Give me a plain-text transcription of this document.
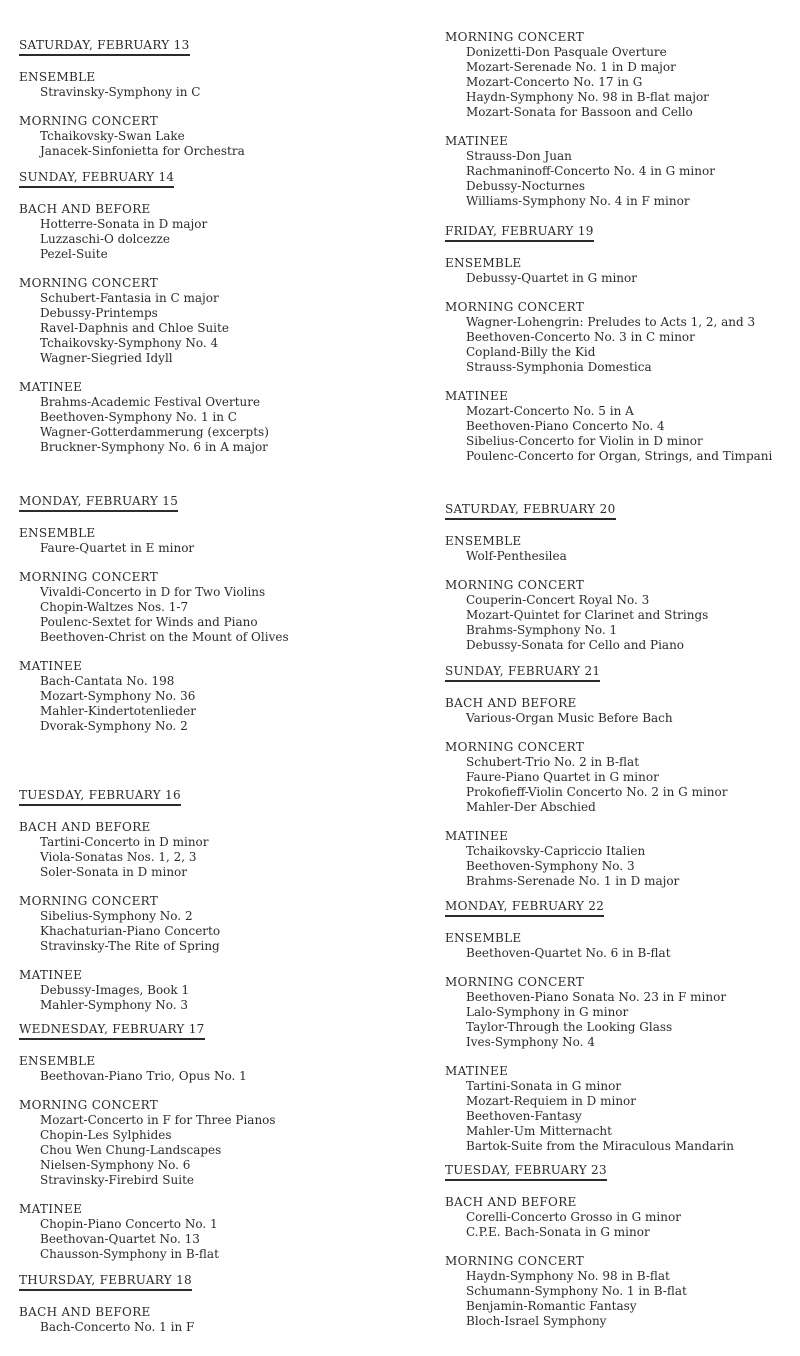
SATURDAY, FEBRUARY 13
ENSEMBLE
Stravinsky-Symphony in C
MORNING CONCERT
Tchaikovsky-Swan Lake
Janacek-Sinfonietta for Orchestra
SUNDAY, FEBRUARY 14
BACH AND BEFORE
Hotterre-Sonata in D major
Luzzaschi-O dolcezze
Pezel-Suite
MORNING CONCERT
Schubert-Fantasia in C major
Debussy-Printemps
Ravel-Daphnis and Chloe Suite
Tchaikovsky-Symphony No. 4
Wagner-Siegried Idyll
MATINEE
Brahms-Academic Festival Overture
Beethoven-Symphony No. 1 in C
Wagner-Gotterdammerung (excerpts)
Bruckner-Symphony No. 6 in A major
MONDAY, FEBRUARY 15
ENSEMBLE
Faure-Quartet in E minor
MORNING CONCERT
Vivaldi-Concerto in D for Two Violins
Chopin-Waltzes Nos. 1-7
Poulenc-Sextet for Winds and Piano
Beethoven-Christ on the Mount of Olives
MATINEE
Bach-Cantata No. 198
Mozart-Symphony No. 36
Mahler-Kindertotenlieder
Dvorak-Symphony No. 2
TUESDAY, FEBRUARY 16
BACH AND BEFORE
Tartini-Concerto in D minor
Viola-Sonatas Nos. 1, 2, 3
Soler-Sonata in D minor
MORNING CONCERT
Sibelius-Symphony No. 2
Khachaturian-Piano Concerto
Stravinsky-The Rite of Spring
MATINEE
Debussy-Images, Book 1
Mahler-Symphony No. 3
WEDNESDAY, FEBRUARY 17
ENSEMBLE
Beethovan-Piano Trio, Opus No. 1
MORNING CONCERT
Mozart-Concerto in F for Three Pianos
Chopin-Les Sylphides
Chou Wen Chung-Landscapes
Nielsen-Symphony No. 6
Stravinsky-Firebird Suite
MATINEE
Chopin-Piano Concerto No. 1
Beethovan-Quartet No. 13
Chausson-Symphony in B-flat
THURSDAY, FEBRUARY 18
BACH AND BEFORE
Bach-Concerto No. 1 in F
MORNING CONCERT
Donizetti-Don Pasquale Overture
Mozart-Serenade No. 1 in D major
Mozart-Concerto No. 17 in G
Haydn-Symphony No. 98 in B-flat major
Mozart-Sonata for Bassoon and Cello
MATINEE
Strauss-Don Juan
Rachmaninoff-Concerto No. 4 in G minor
Debussy-Nocturnes
Williams-Symphony No. 4 in F minor
FRIDAY, FEBRUARY 19
ENSEMBLE
Debussy-Quartet in G minor
MORNING CONCERT
Wagner-Lohengrin: Preludes to Acts 1, 2, and 3
Beethoven-Concerto No. 3 in C minor
Copland-Billy the Kid
Strauss-Symphonia Domestica
MATINEE
Mozart-Concerto No. 5 in A
Beethoven-Piano Concerto No. 4
Sibelius-Concerto for Violin in D minor
Poulenc-Concerto for Organ, Strings, and Timpani
SATURDAY, FEBRUARY 20
ENSEMBLE
Wolf-Penthesilea
MORNING CONCERT
Couperin-Concert Royal No. 3
Mozart-Quintet for Clarinet and Strings
Brahms-Symphony No. 1
Debussy-Sonata for Cello and Piano
SUNDAY, FEBRUARY 21
BACH AND BEFORE
Various-Organ Music Before Bach
MORNING CONCERT
Schubert-Trio No. 2 in B-flat
Faure-Piano Quartet in G minor
Prokofieff-Violin Concerto No. 2 in G minor
Mahler-Der Abschied
MATINEE
Tchaikovsky-Capriccio Italien
Beethoven-Symphony No. 3
Brahms-Serenade No. 1 in D major
MONDAY, FEBRUARY 22
ENSEMBLE
Beethoven-Quartet No. 6 in B-flat
MORNING CONCERT
Beethoven-Piano Sonata No. 23 in F minor
Lalo-Symphony in G minor
Taylor-Through the Looking Glass
Ives-Symphony No. 4
MATINEE
Tartini-Sonata in G minor
Mozart-Requiem in D minor
Beethoven-Fantasy
Mahler-Um Mitternacht
Bartok-Suite from the Miraculous Mandarin
TUESDAY, FEBRUARY 23
BACH AND BEFORE
Corelli-Concerto Grosso in G minor
C.P.E. Bach-Sonata in G minor
MORNING CONCERT
Haydn-Symphony No. 98 in B-flat
Schumann-Symphony No. 1 in B-flat
Benjamin-Romantic Fantasy
Bloch-Israel Symphony
